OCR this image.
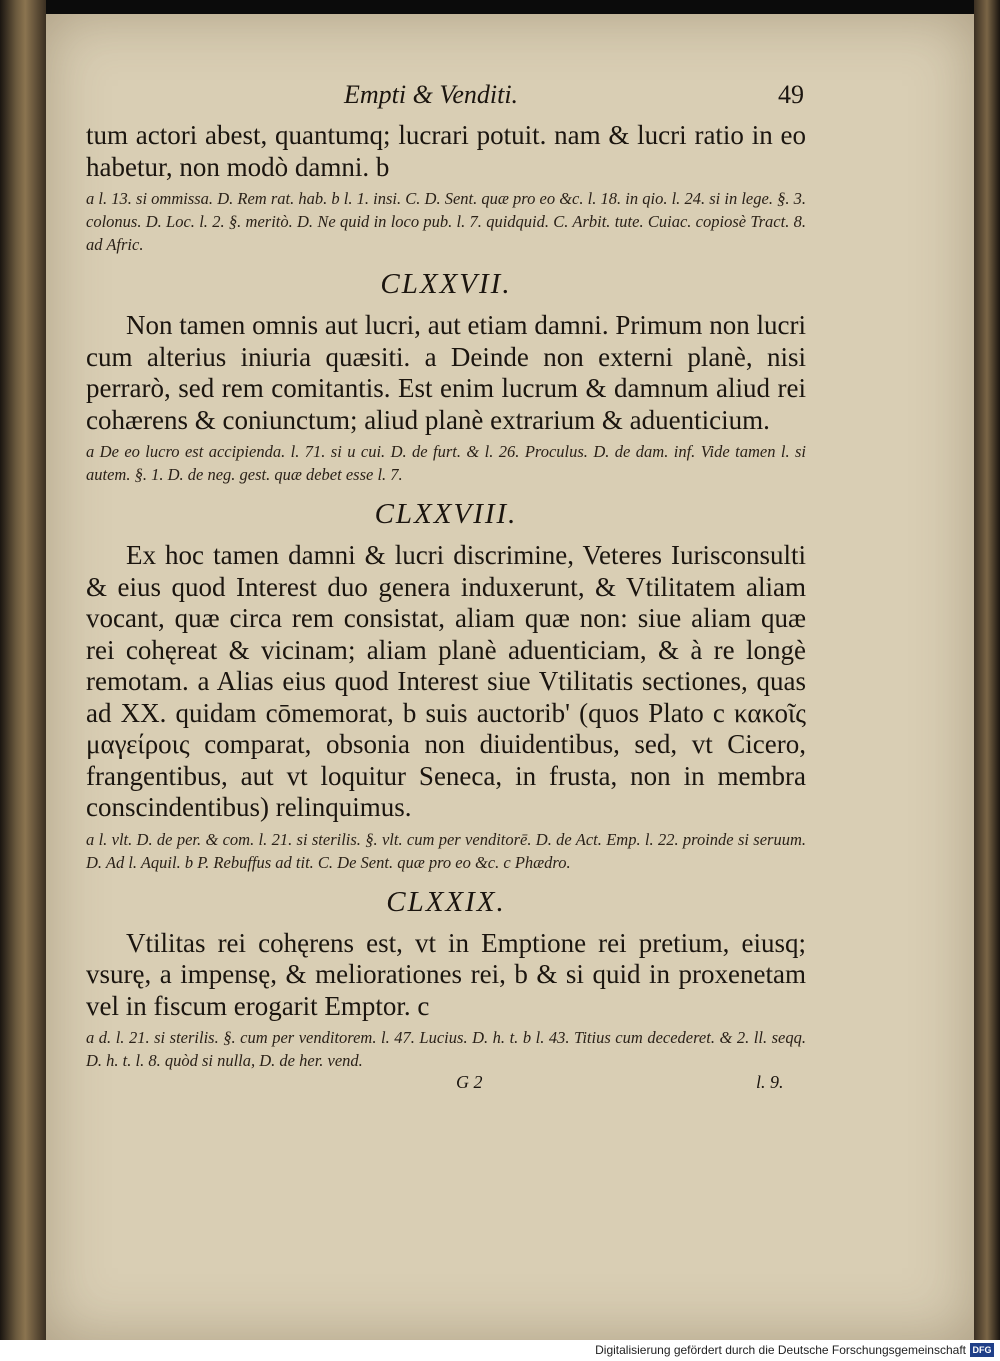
Empti & Venditi.	49

tum actori abest, quantumq; lucrari potuit. nam & lucri ratio in eo habetur, non modò damni. b

a l. 13. si ommissa. D. Rem rat. hab. b l. 1. insi. C. D. Sent. quæ pro eo &c. l. 18. in qio. l. 24. si in lege. §. 3. colonus. D. Loc. l. 2. §. meritò. D. Ne quid in loco pub. l. 7. quidquid. C. Arbit. tute. Cuiac. copiosè Tract. 8. ad Afric.

CLXXVII.

Non tamen omnis aut lucri, aut etiam damni. Primum non lucri cum alterius iniuria quæsiti. a Deinde non externi planè, nisi perrarò, sed rem comitantis. Est enim lucrum & damnum aliud rei cohærens & coniunctum; aliud planè extrarium & aduenticium.

a De eo lucro est accipienda. l. 71. si u cui. D. de furt. & l. 26. Proculus. D. de dam. inf. Vide tamen l. si autem. §. 1. D. de neg. gest. quæ debet esse l. 7.

CLXXVIII.

Ex hoc tamen damni & lucri discrimine, Veteres Iurisconsulti & eius quod Interest duo genera induxerunt, & Vtilitatem aliam vocant, quæ circa rem consistat, aliam quæ non: siue aliam quæ rei cohęreat & vicinam; aliam planè aduenticiam, & à re longè remotam. a Alias eius quod Interest siue Vtilitatis sectiones, quas ad XX. quidam cōmemorat, b suis auctorib' (quos Plato c κακοῖς μαγείροις comparat, obsonia non diuidentibus, sed, vt Cicero, frangentibus, aut vt loquitur Seneca, in frusta, non in membra conscindentibus) relinquimus.

a l. vlt. D. de per. & com. l. 21. si sterilis. §. vlt. cum per venditorē. D. de Act. Emp. l. 22. proinde si seruum. D. Ad l. Aquil. b P. Rebuffus ad tit. C. De Sent. quæ pro eo &c. c Phædro.

CLXXIX.

Vtilitas rei cohęrens est, vt in Emptione rei pretium, eiusq; vsurę, a impensę, & meliorationes rei, b & si quid in proxenetam vel in fiscum erogarit Emptor. c

a d. l. 21. si sterilis. §. cum per venditorem. l. 47. Lucius. D. h. t. b l. 43. Titius cum decederet. & 2. ll. seqq. D. h. t. l. 8. quòd si nulla, D. de her. vend.

G 2	l. 9.
Digitalisierung gefördert durch die Deutsche Forschungsgemeinschaft DFG
